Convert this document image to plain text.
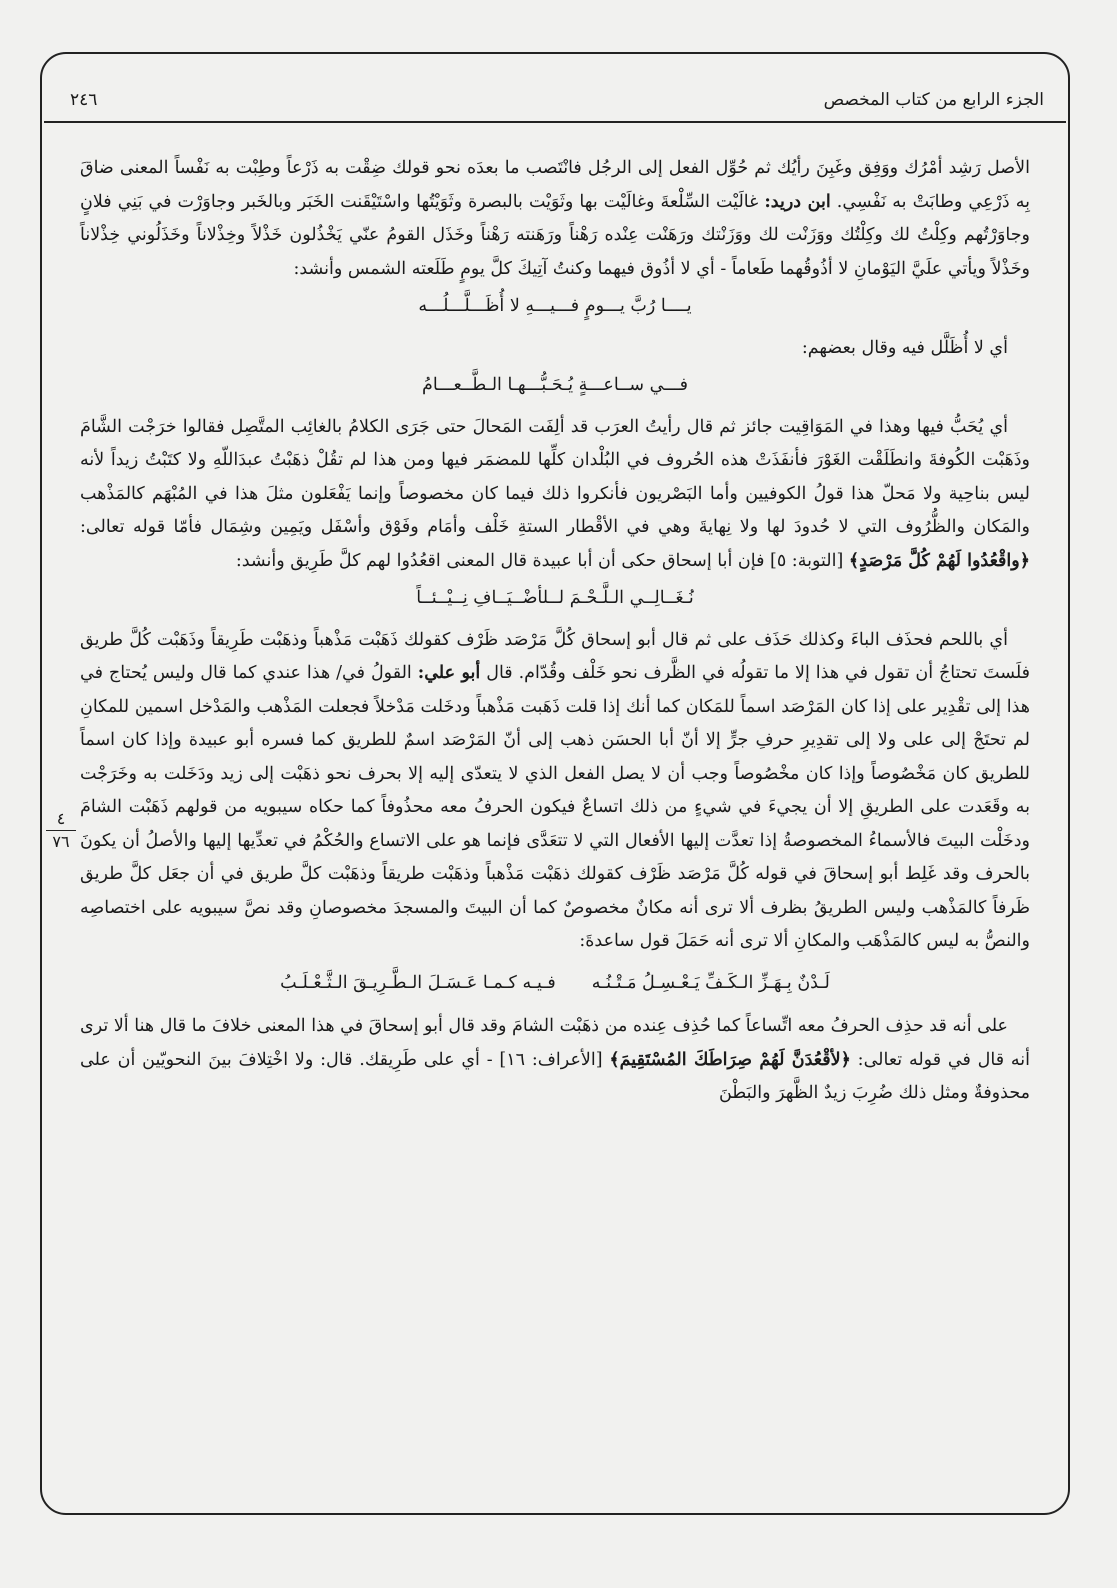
الجزء الرابع من كتاب المخصص
٢٤٦
٤
٧٦

الأصل رَشِد أمْرُك ووَفِق وغَبِنَ رأيُك ثم حُوِّل الفعل إلى الرجُل فانْتَصب ما بعدَه نحو قولك ضِقْت به ذَرْعاً وطِبْت به نَفْساً المعنى ضاقَ بِه ذَرْعِي وطابَتْ به نَفْسِي. ابن دريد: غالَيْت السِّلْعةَ وغالَيْت بها وثَوَيْت بالبصرة وثَوَيْتُها واسْتَيْقَنت الخَبَر وبالخَبر وجاوَرْت في بَنِي فلانٍ وجاوَرْتُهم وكِلْتُ لك وكِلْتُك ووَزَنْت لك ووَزَنْتك ورَهَنْت عِنْده رَهْناً ورَهَنته رَهْناً وخَذَل القومُ عنّي يَخْذُلون خَذْلاً وخِذْلاناً وخَذَلُوني خِذْلاناً وخَذْلاً ويأتي علَيَّ اليَوْمانِ لا أذُوقُهما طَعاماً - أي لا أذُوق فيهما وكنتُ آتِيكَ كلَّ يومٍ طَلَعته الشمس وأنشد:

يــــا رُبَّ يـــومٍ فـــيـــهِ لا أُظَـــلَّـــلُـــه

أي لا أُظَلَّل فيه وقال بعضهم:

فـــي ســاعـــةٍ يُـحَـبُّـــهـا الـطَّــعـــامُ

أي يُحَبُّ فيها وهذا في المَوَاقِيت جائز ثم قال رأيتُ العرَب قد ألِفَت المَحالَ حتى جَرَى الكلامُ بالغائِب المتَّصِل فقالوا خرَجْت الشَّامَ وذَهَبْت الكُوفةَ وانطَلَقْت الغَوْرَ فأنفَذَتْ هذه الحُروف في البُلْدان كلِّها للمضمَر فيها ومن هذا لم تقُلْ ذهَبْتُ عبدَاللّهِ ولا كتَبْتُ زيداً لأنه ليس بناحِية ولا مَحلّ هذا قولُ الكوفيين وأما البَصْريون فأنكروا ذلك فيما كان مخصوصاً وإنما يَفْعَلون مثلَ هذا في المُبْهَم كالمَذْهب والمَكان والظُّرُوف التي لا حُدودَ لها ولا نِهايةَ وهي في الأقْطار الستةِ خَلْف وأمَام وفَوْق وأسْفَل ويَمِين وشِمَال فأمّا قوله تعالى: ﴿واقْعُدُوا لَهُمْ كُلَّ مَرْصَدٍ﴾ [التوبة: ٥] فإن أبا إسحاق حكى أن أبا عبيدة قال المعنى اقعُدُوا لهم كلَّ طَرِيق وأنشد:

نُـغَــالِــي الـلَّـحْـمَ لــلأضْــيَــافِ نِــيْــئــاً

أي باللحم فحذَف الباءَ وكذلك حَذَف على ثم قال أبو إسحاق كُلَّ مَرْصَد ظَرْف كقولك ذَهَبْت مَذْهباً وذهَبْت طَرِيقاً وذَهَبْت كُلَّ طريق فلَستَ تحتاجُ أن تقول في هذا إلا ما تقولُه في الظَّرف نحو خَلْف وقُدّام. قال أبو علي: القولُ في/ هذا عندي كما قال وليس يُحتاج في هذا إلى تقْدِير على إذا كان المَرْصَد اسماً للمَكان كما أنك إذا قلت ذَهَبت مَذْهباً ودخَلت مَدْخلاً فجعلت المَذْهب والمَدْخل اسمين للمكانِ لم تحتَجْ إلى على ولا إلى تقدِيرِ حرفِ جرٍّ إلا أنّ أبا الحسَن ذهب إلى أنّ المَرْصَد اسمٌ للطريق كما فسره أبو عبيدة وإذا كان اسماً للطريق كان مَخْصُوصاً وإذا كان مخْصُوصاً وجب أن لا يصل الفعل الذي لا يتعدّى إليه إلا بحرف نحو ذهَبْت إلى زيد ودَخَلت به وخَرَجْت به وقَعَدت على الطريقِ إلا أن يجيءَ في شيءٍ من ذلك اتساعٌ فيكون الحرفُ معه محذُوفاً كما حكاه سيبويه من قولهم ذَهَبْت الشامَ ودخَلْت البيتَ فالأسماءُ المخصوصةُ إذا تعدَّت إليها الأفعال التي لا تتعَدَّى فإنما هو على الاتساع والحُكْمُ في تعدِّيها إليها والأصلُ أن يكونَ بالحرف وقد غَلِط أبو إسحاقَ في قوله كُلَّ مَرْصَد ظَرْف كقولك ذهَبْت مَذْهباً وذهَبْت طريقاً وذهَبْت كلَّ طريق في أن جعَل كلَّ طريق ظَرفاً كالمَذْهب وليس الطريقُ بظرف ألا ترى أنه مكانٌ مخصوصٌ كما أن البيتَ والمسجدَ مخصوصانِ وقد نصَّ سيبويه على اختصاصِه والنصُّ به ليس كالمَذْهَب والمكانِ ألا ترى أنه حَمَلَ قول ساعدةَ:

لَـدْنٌ بِـهَـزِّ الـكَـفِّ يَـعْـسِـلُ مَـتْـنُـه
فـيـه كـمـا عَـسَـلَ الـطَّـرِيـقَ الـثَّـعْـلَـبُ

على أنه قد حذِف الحرفُ معه اتِّساعاً كما حُذِف عِنده من ذهَبْت الشامَ وقد قال أبو إسحاقَ في هذا المعنى خلافَ ما قال هنا ألا ترى أنه قال في قوله تعالى: ﴿لأقْعُدَنَّ لَهُمْ صِرَاطَكَ المُسْتَقِيمَ﴾ [الأعراف: ١٦] - أي على طَرِيقك. قال: ولا اخْتِلافَ بينَ النحويّين أن على محذوفةٌ ومثل ذلك ضُرِبَ زيدٌ الظَّهرَ والبَطْنَ
